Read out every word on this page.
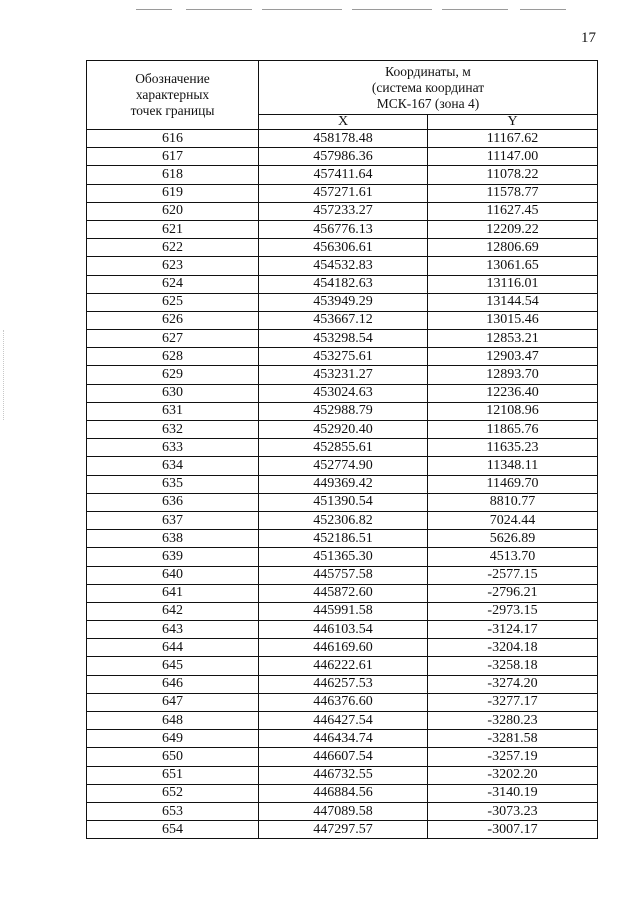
17
Обозначение
характерных
точек границы	Координаты, м
(система координат
МСК-167 (зона 4)	

	X	Y
616	458178.48	11167.62
617	457986.36	11147.00
618	457411.64	11078.22
619	457271.61	11578.77
620	457233.27	11627.45
621	456776.13	12209.22
622	456306.61	12806.69
623	454532.83	13061.65
624	454182.63	13116.01
625	453949.29	13144.54
626	453667.12	13015.46
627	453298.54	12853.21
628	453275.61	12903.47
629	453231.27	12893.70
630	453024.63	12236.40
631	452988.79	12108.96
632	452920.40	11865.76
633	452855.61	11635.23
634	452774.90	11348.11
635	449369.42	11469.70
636	451390.54	8810.77
637	452306.82	7024.44
638	452186.51	5626.89
639	451365.30	4513.70
640	445757.58	-2577.15
641	445872.60	-2796.21
642	445991.58	-2973.15
643	446103.54	-3124.17
644	446169.60	-3204.18
645	446222.61	-3258.18
646	446257.53	-3274.20
647	446376.60	-3277.17
648	446427.54	-3280.23
649	446434.74	-3281.58
650	446607.54	-3257.19
651	446732.55	-3202.20
652	446884.56	-3140.19
653	447089.58	-3073.23
654	447297.57	-3007.17
